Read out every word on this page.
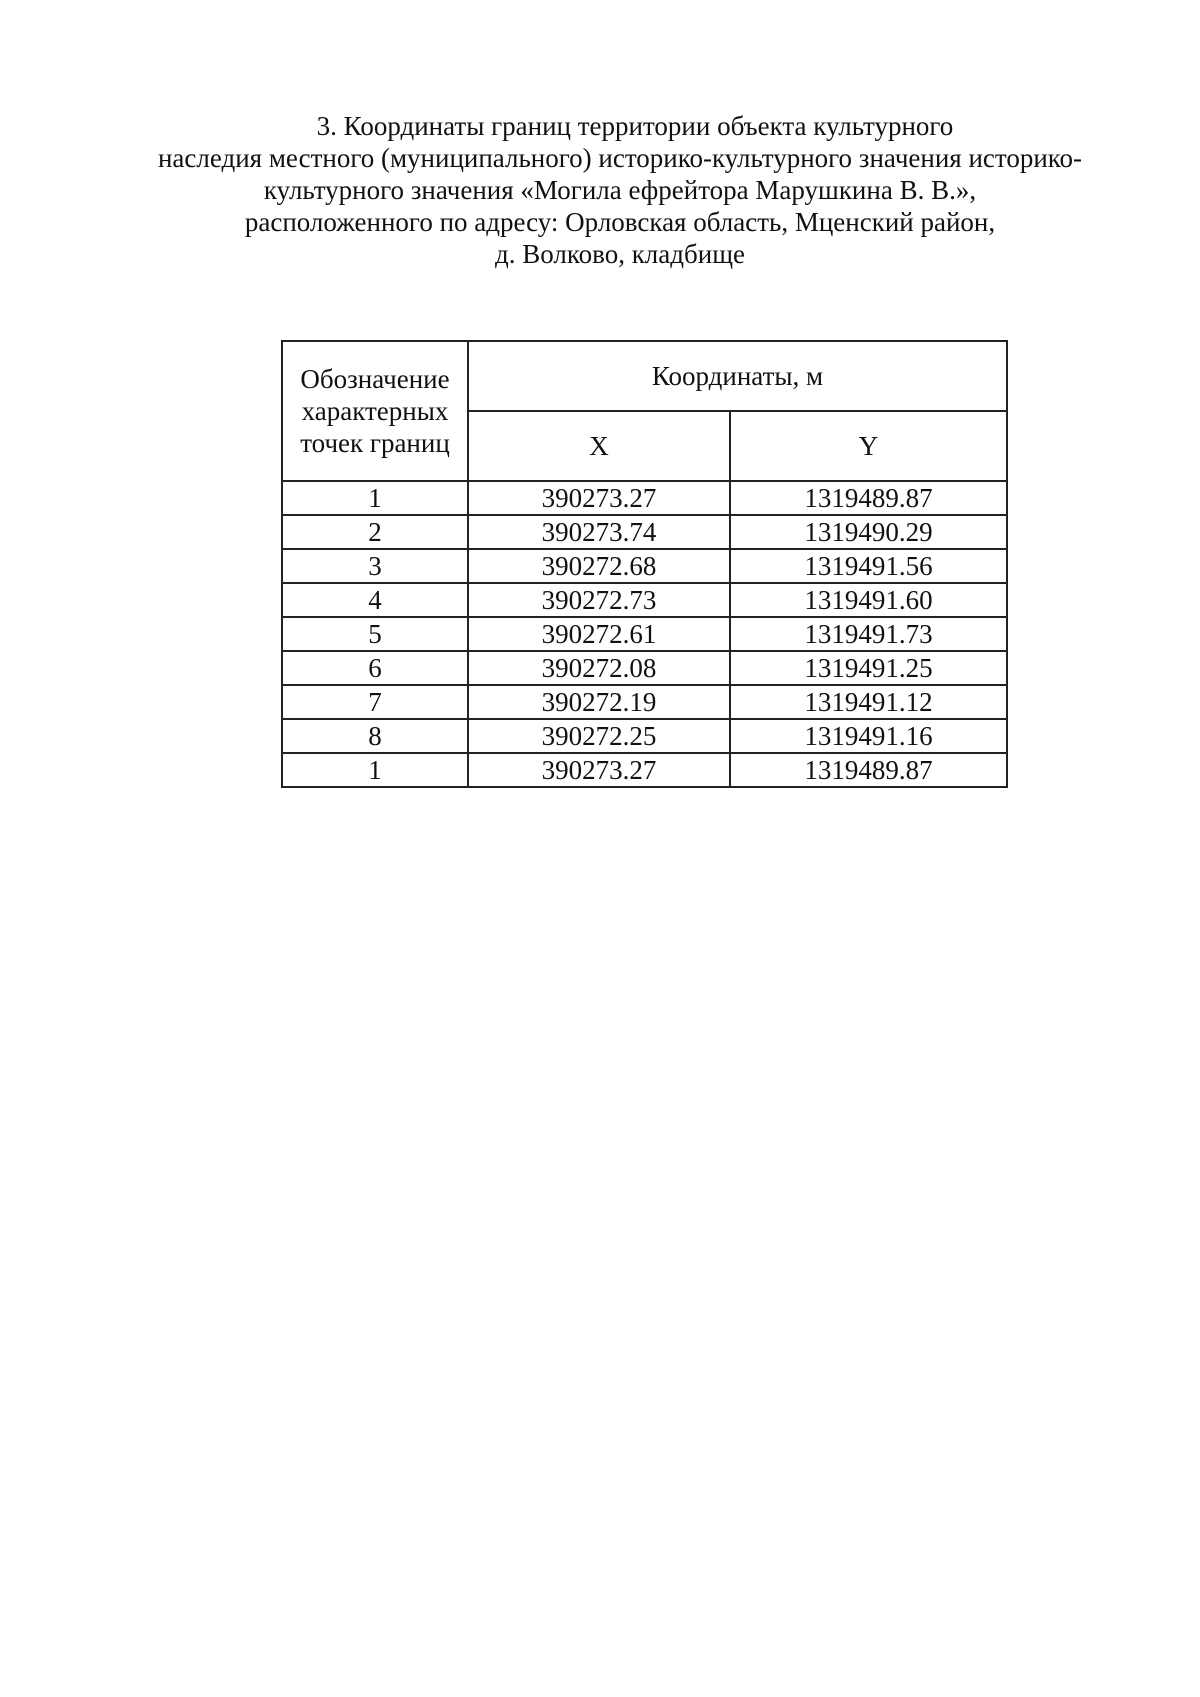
3. Координаты границ территории объекта культурного
наследия местного (муниципального) историко-культурного значения историко-
культурного значения «Могила ефрейтора Марушкина В. В.»,
расположенного по адресу: Орловская область, Мценский район,
д. Волково, кладбище
Обозначение характерных точек границ	Координаты, м	
	X	Y
1	390273.27	1319489.87
2	390273.74	1319490.29
3	390272.68	1319491.56
4	390272.73	1319491.60
5	390272.61	1319491.73
6	390272.08	1319491.25
7	390272.19	1319491.12
8	390272.25	1319491.16
1	390273.27	1319489.87
